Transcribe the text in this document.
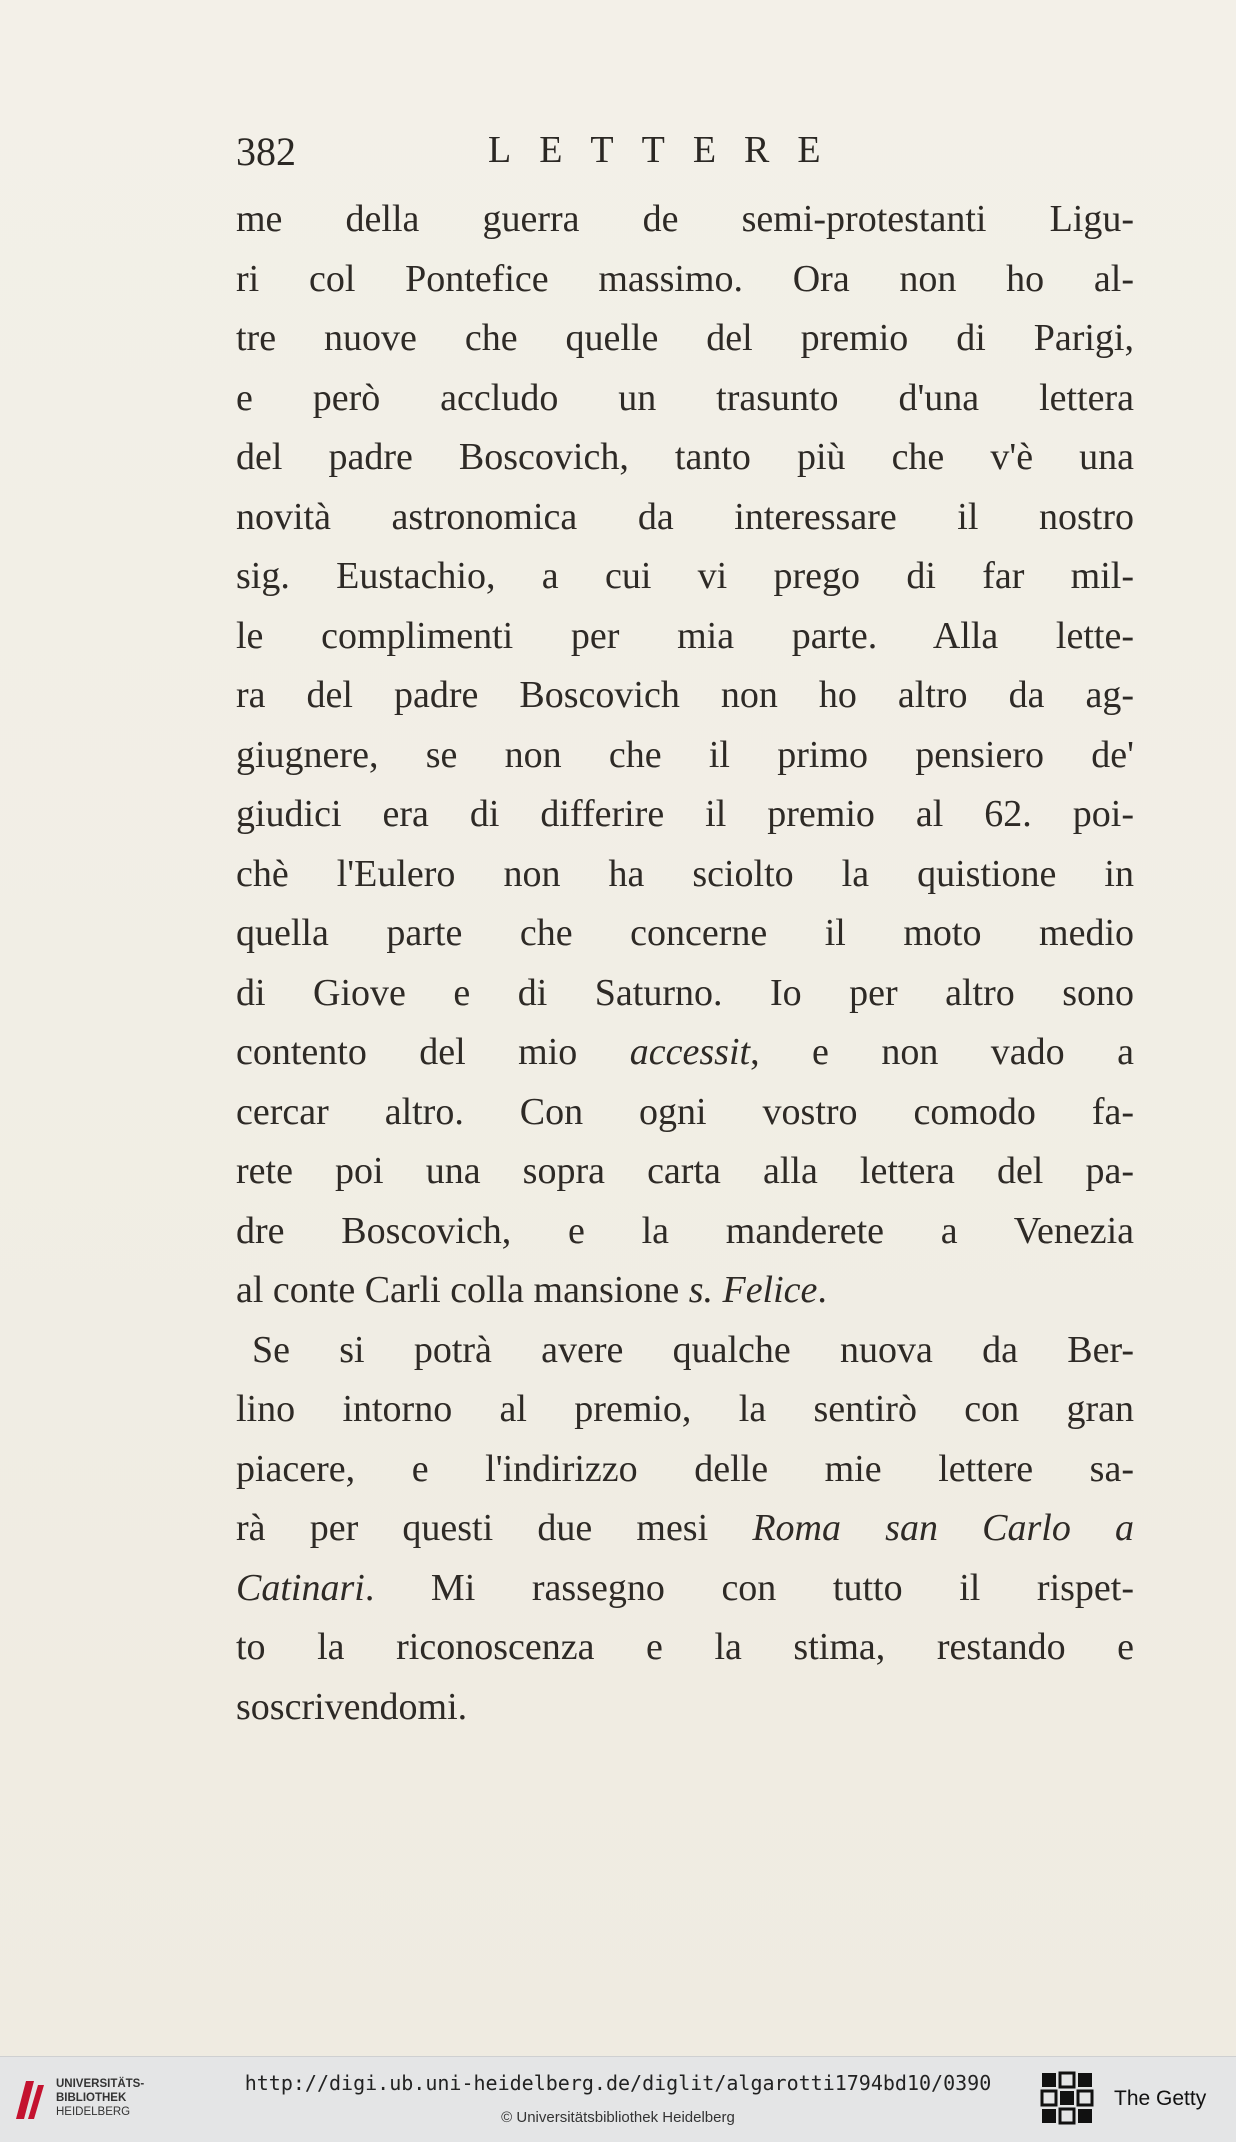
382	LETTERE
me della guerra de semi-protestanti Ligu-
ri col Pontefice massimo. Ora non ho al-
tre nuove che quelle del premio di Parigi,
e però accludo un trasunto d'una lettera
del padre Boscovich, tanto più che v'è una
novità astronomica da interessare il nostro
sig. Eustachio, a cui vi prego di far mil-
le complimenti per mia parte. Alla lette-
ra del padre Boscovich non ho altro da ag-
giugnere, se non che il primo pensiero de'
giudici era di differire il premio al 62. poi-
chè l'Eulero non ha sciolto la quistione in
quella parte che concerne il moto medio
di Giove e di Saturno. Io per altro sono
contento del mio accessit, e non vado a
cercar altro. Con ogni vostro comodo fa-
rete poi una sopra carta alla lettera del pa-
dre Boscovich, e la manderete a Venezia
al conte Carli colla mansione s. Felice.
Se si potrà avere qualche nuova da Ber-
lino intorno al premio, la sentirò con gran
piacere, e l'indirizzo delle mie lettere sa-
rà per questi due mesi Roma san Carlo a
Catinari. Mi rassegno con tutto il rispet-
to la riconoscenza e la stima, restando e
soscrivendomi.
UNIVERSITÄTS-
BIBLIOTHEK
HEIDELBERG
http://digi.ub.uni-heidelberg.de/diglit/algarotti1794bd10/0390
© Universitätsbibliothek Heidelberg
The Getty
